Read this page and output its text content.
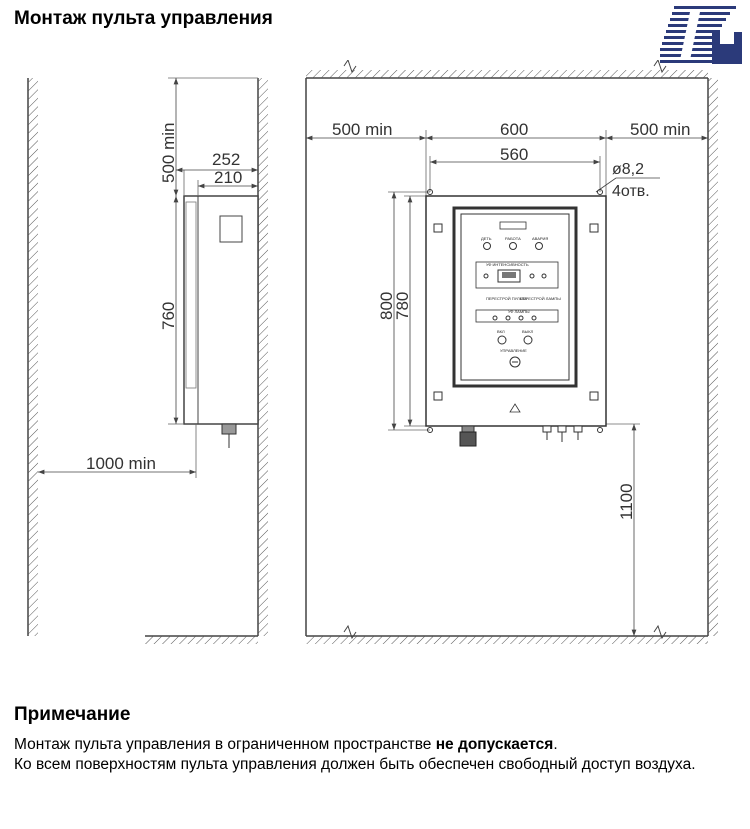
Монтаж пульта управления
500 min 252
210
760
1000 min
500 min	600	500 min
560
ø8,2
4отв.
800
780
1100
ДЕТЬ	РАБОТА	АВАРИЯ
УФ ИНТЕНСИВНОСТЬ
ПЕРЕСТРОЙ ПУЛЬТА
ПЕРЕСТРОЙ ЛАМПЫ
УФ ЛАМПЫ
ВКЛ	ВЫКЛ
УПРАВЛЕНИЕ
Примечание

Монтаж пульта управления в ограниченном пространстве не допускается.
Ко всем поверхностям пульта управления должен быть обеспечен свободный доступ воздуха.
